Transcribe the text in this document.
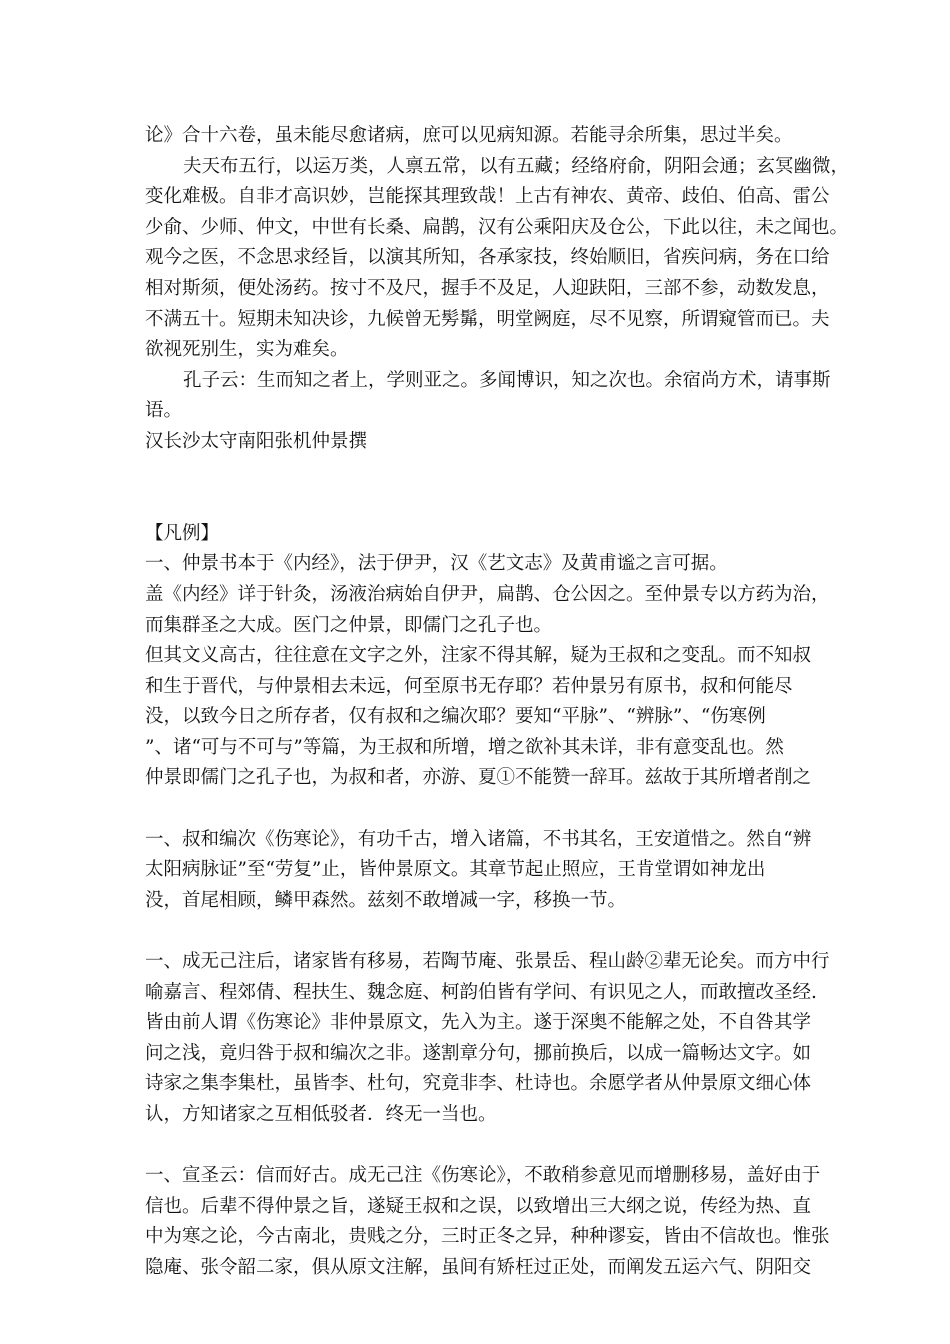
论》合十六卷，虽未能尽愈诸病，庶可以见病知源。若能寻余所集，思过半矣。
夫天布五行，以运万类，人禀五常，以有五藏；经络府俞，阴阳会通；玄冥幽微，
变化难极。自非才高识妙，岂能探其理致哉！上古有神农、黄帝、歧伯、伯高、雷公
少俞、少师、仲文，中世有长桑、扁鹊，汉有公乘阳庆及仓公，下此以往，未之闻也。
观今之医，不念思求经旨，以演其所知，各承家技，终始顺旧，省疾问病，务在口给
相对斯须，便处汤药。按寸不及尺，握手不及足，人迎趺阳，三部不参，动数发息，
不满五十。短期未知决诊，九候曾无髣髴，明堂阙庭，尽不见察，所谓窥管而已。夫
欲视死别生，实为难矣。
孔子云：生而知之者上，学则亚之。多闻博识，知之次也。余宿尚方术，请事斯
语。
汉长沙太守南阳张机仲景撰
【凡例】
一、仲景书本于《内经》，法于伊尹，汉《艺文志》及黄甫谧之言可据。
盖《内经》详于针灸，汤液治病始自伊尹，扁鹊、仓公因之。至仲景专以方药为治，
而集群圣之大成。医门之仲景，即儒门之孔子也。
但其文义高古，往往意在文字之外，注家不得其解，疑为王叔和之变乱。而不知叔
和生于晋代，与仲景相去未远，何至原书无存耶？若仲景另有原书，叔和何能尽
没，以致今日之所存者，仅有叔和之编次耶？要知“平脉”、“辨脉”、“伤寒例
”、诸“可与不可与”等篇，为王叔和所增，增之欲补其未详，非有意变乱也。然
仲景即儒门之孔子也，为叔和者，亦游、夏①不能赞一辞耳。兹故于其所增者削之
一、叔和编次《伤寒论》，有功千古，增入诸篇，不书其名，王安道惜之。然自“辨
太阳病脉证”至“劳复”止，皆仲景原文。其章节起止照应，王肯堂谓如神龙出
没，首尾相顾，鳞甲森然。兹刻不敢增减一字，移换一节。
一、成无己注后，诸家皆有移易，若陶节庵、张景岳、程山龄②辈无论矣。而方中行
喻嘉言、程郊倩、程扶生、魏念庭、柯韵伯皆有学问、有识见之人，而敢擅改圣经.
皆由前人谓《伤寒论》非仲景原文，先入为主。遂于深奥不能解之处，不自咎其学
问之浅，竟归咎于叔和编次之非。遂割章分句，挪前换后，以成一篇畅达文字。如
诗家之集李集杜，虽皆李、杜句，究竟非李、杜诗也。余愿学者从仲景原文细心体
认，方知诸家之互相低驳者．终无一当也。
一、宣圣云：信而好古。成无己注《伤寒论》，不敢稍参意见而增删移易，盖好由于
信也。后辈不得仲景之旨，遂疑王叔和之误，以致增出三大纲之说，传经为热、直
中为寒之论，今古南北，贵贱之分，三时正冬之异，种种谬妄，皆由不信故也。惟张
隐庵、张令韶二家，俱从原文注解，虽间有矫枉过正处，而阐发五运六气、阴阳交
